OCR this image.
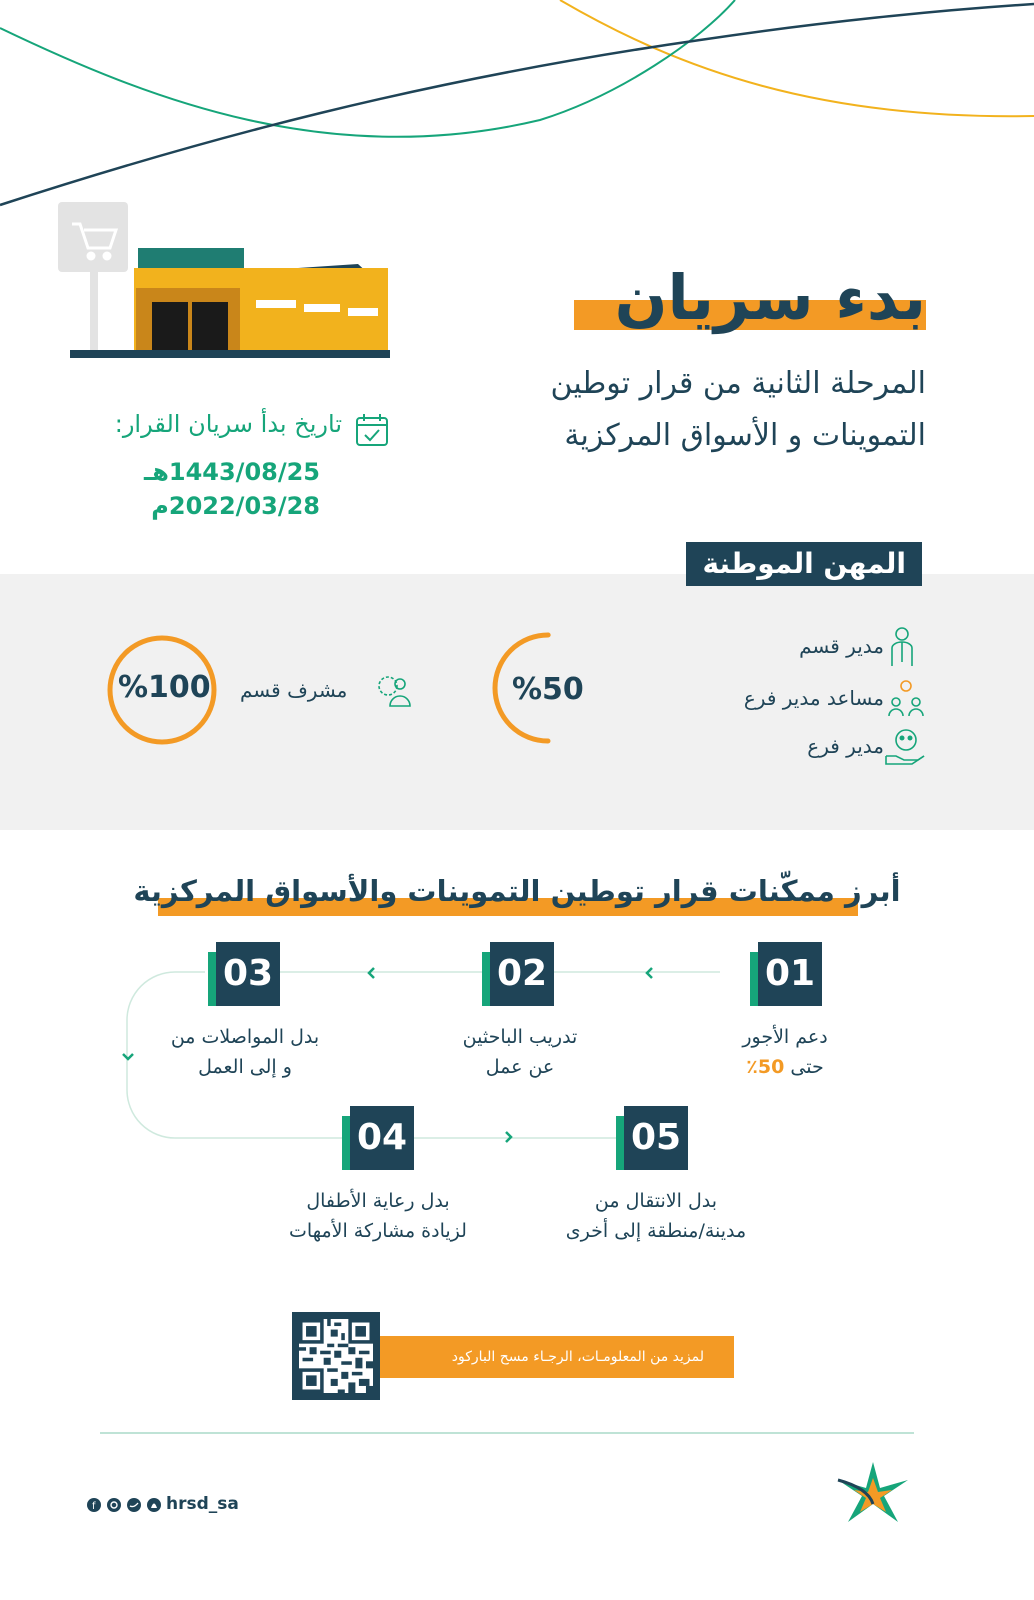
بدء سريان
المرحلة الثانية من قرار توطين
التموينات و الأسواق المركزية
تاريخ بدأ سريان القرار:
1443/08/25هـ
2022/03/28م
المهن الموطنة
مدير قسم
مساعد مدير فرع
مدير فرع
%50
%100 مشرف قسم
أبرز ممكّنات قرار توطين التموينات والأسواق المركزية
01
دعم الأجور
حتى 50٪
02
تدريب الباحثين
عن عمل
03
بدل المواصلات من
و إلى العمل
04
بدل رعاية الأطفال
لزيادة مشاركة الأمهات
05
بدل الانتقال من
مدينة/منطقة إلى أخرى
لمزيد من المعلومـات، الرجـاء مسح الباركود
f	hrsd_sa
